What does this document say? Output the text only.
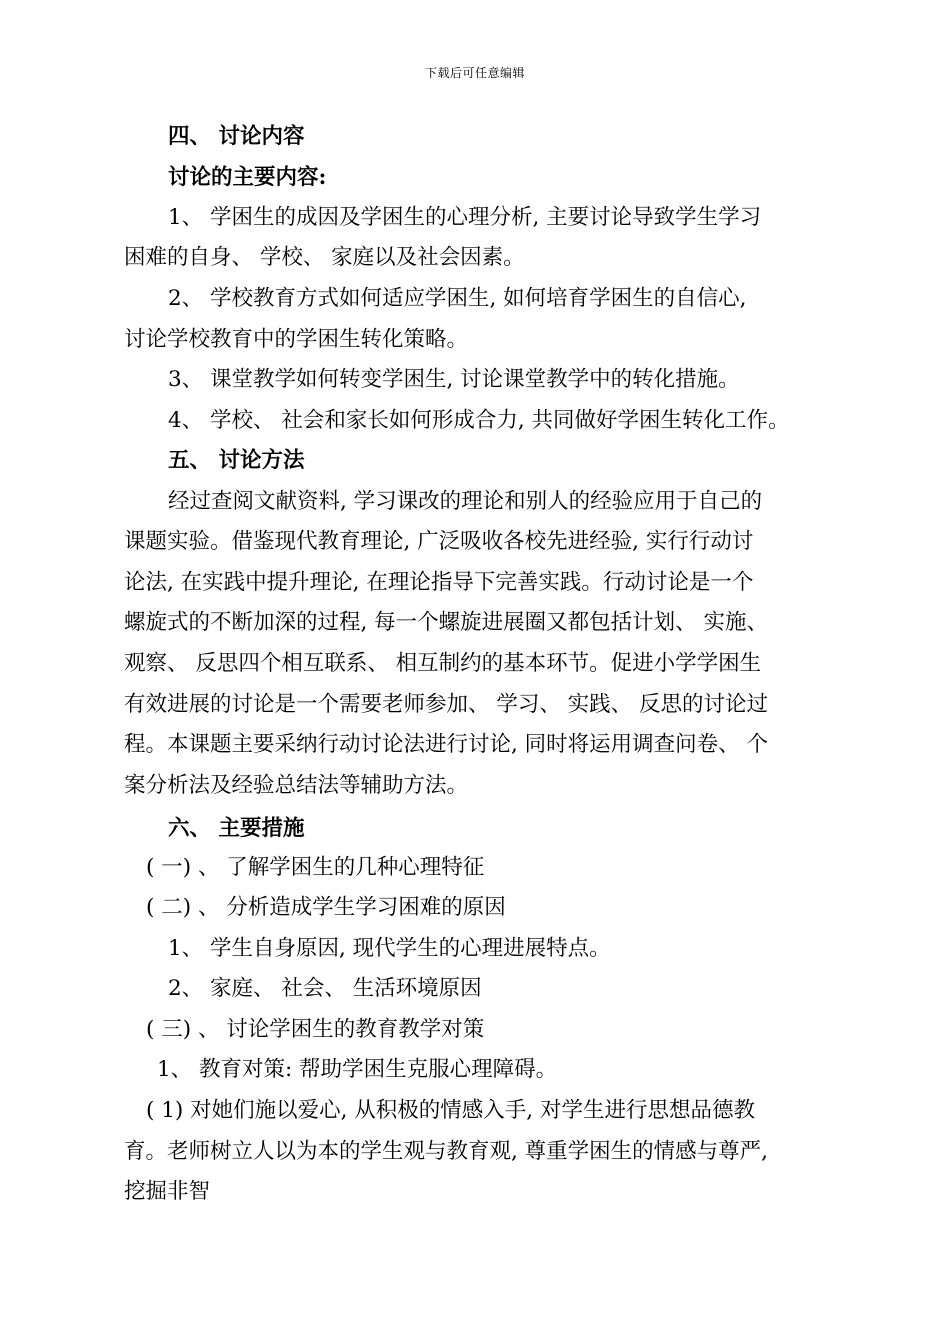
下载后可任意编辑
四、 讨论内容
讨论的主要内容:
1、 学困生的成因及学困生的心理分析, 主要讨论导致学生学习
困难的自身、 学校、 家庭以及社会因素。
2、 学校教育方式如何适应学困生, 如何培育学困生的自信心,
讨论学校教育中的学困生转化策略。
3、 课堂教学如何转变学困生, 讨论课堂教学中的转化措施。
4、 学校、 社会和家长如何形成合力, 共同做好学困生转化工作。
五、 讨论方法
经过查阅文献资料, 学习课改的理论和别人的经验应用于自己的
课题实验。借鉴现代教育理论, 广泛吸收各校先进经验, 实行行动讨
论法, 在实践中提升理论, 在理论指导下完善实践。行动讨论是一个
螺旋式的不断加深的过程, 每一个螺旋进展圈又都包括计划、 实施、
观察、 反思四个相互联系、 相互制约的基本环节。促进小学学困生
有效进展的讨论是一个需要老师参加、 学习、 实践、 反思的讨论过
程。本课题主要采纳行动讨论法进行讨论, 同时将运用调查问卷、 个
案分析法及经验总结法等辅助方法。
六、 主要措施
( 一) 、 了解学困生的几种心理特征
( 二) 、 分析造成学生学习困难的原因
1、 学生自身原因, 现代学生的心理进展特点。
2、 家庭、 社会、 生活环境原因
( 三) 、 讨论学困生的教育教学对策
1、 教育对策: 帮助学困生克服心理障碍。
( 1) 对她们施以爱心, 从积极的情感入手, 对学生进行思想品德教
育。老师树立人以为本的学生观与教育观, 尊重学困生的情感与尊严,
挖掘非智
